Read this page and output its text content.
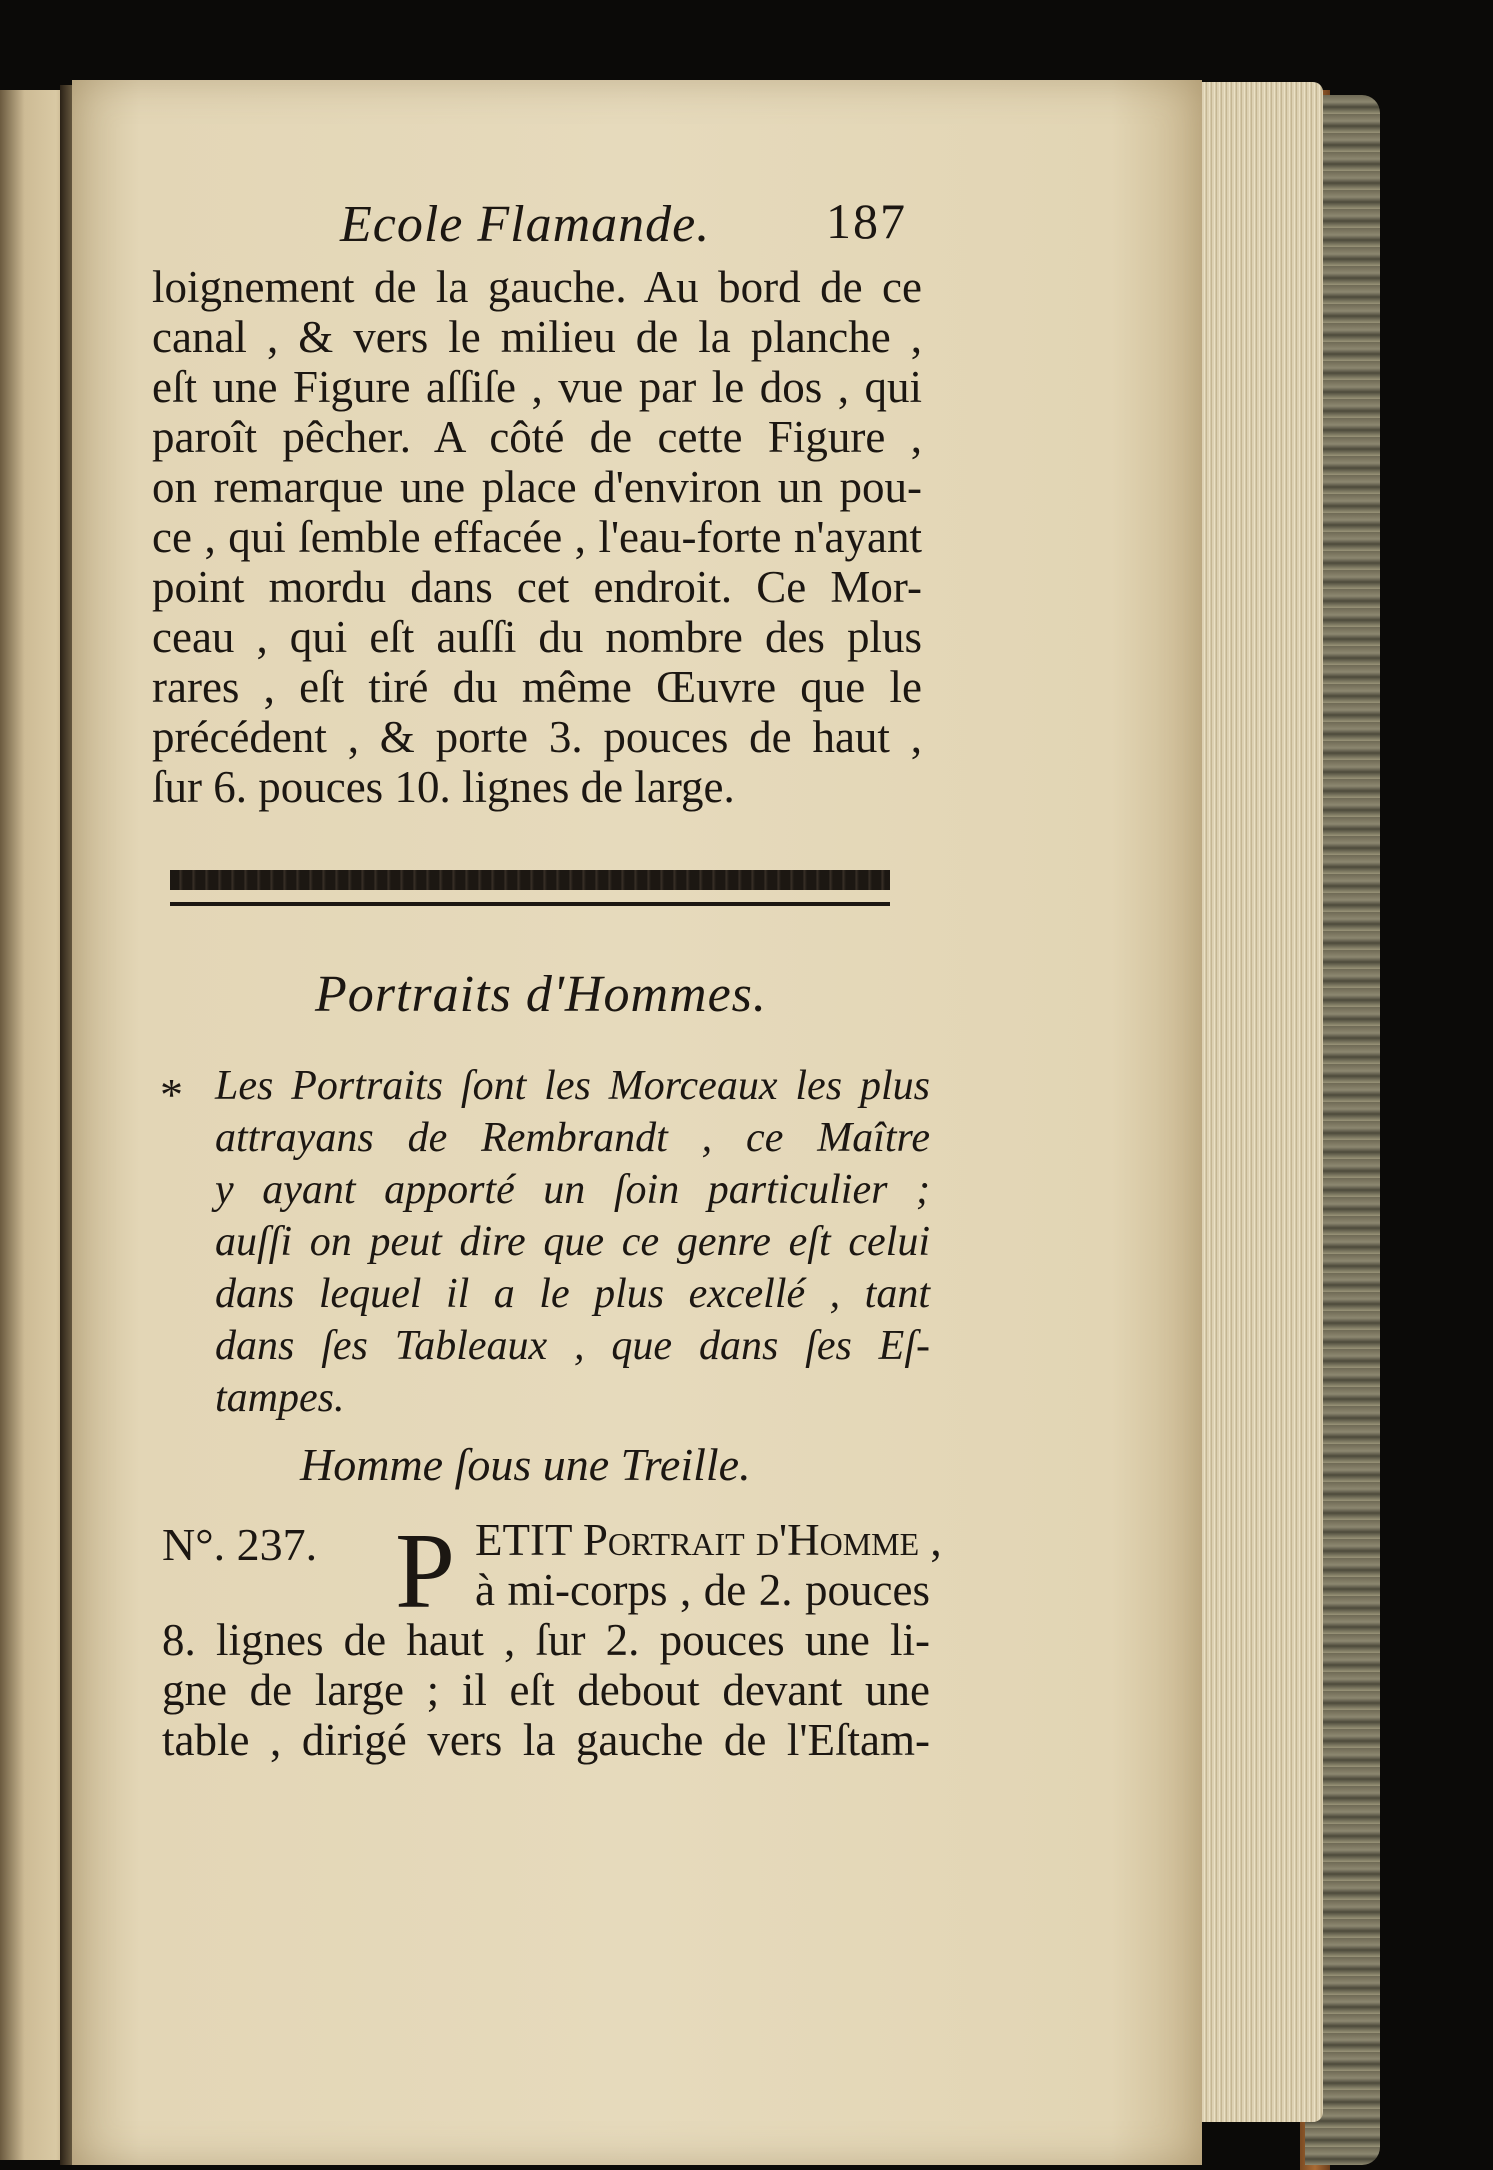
Ecole Flamande. 187
loignement de la gauche. Au bord de ce
canal , & vers le milieu de la planche ,
eſt une Figure aſſiſe , vue par le dos , qui
paroît pêcher. A côté de cette Figure ,
on remarque une place d'environ un pou-
ce , qui ſemble effacée , l'eau-forte n'ayant
point mordu dans cet endroit. Ce Mor-
ceau , qui eſt auſſi du nombre des plus
rares , eſt tiré du même Œuvre que le
précédent , & porte 3. pouces de haut ,
ſur 6. pouces 10. lignes de large.
Portraits d'Hommes.
* Les Portraits ſont les Morceaux les plus
attrayans de Rembrandt , ce Maître
y ayant apporté un ſoin particulier ;
auſſi on peut dire que ce genre eſt celui
dans lequel il a le plus excellé , tant
dans ſes Tableaux , que dans ſes Eſ-
tampes.
Homme ſous une Treille.
N°. 237. P ETIT Portrait d'Homme ,
à mi-corps , de 2. pouces
8. lignes de haut , ſur 2. pouces une li-
gne de large ; il eſt debout devant une
table , dirigé vers la gauche de l'Eſtam-
